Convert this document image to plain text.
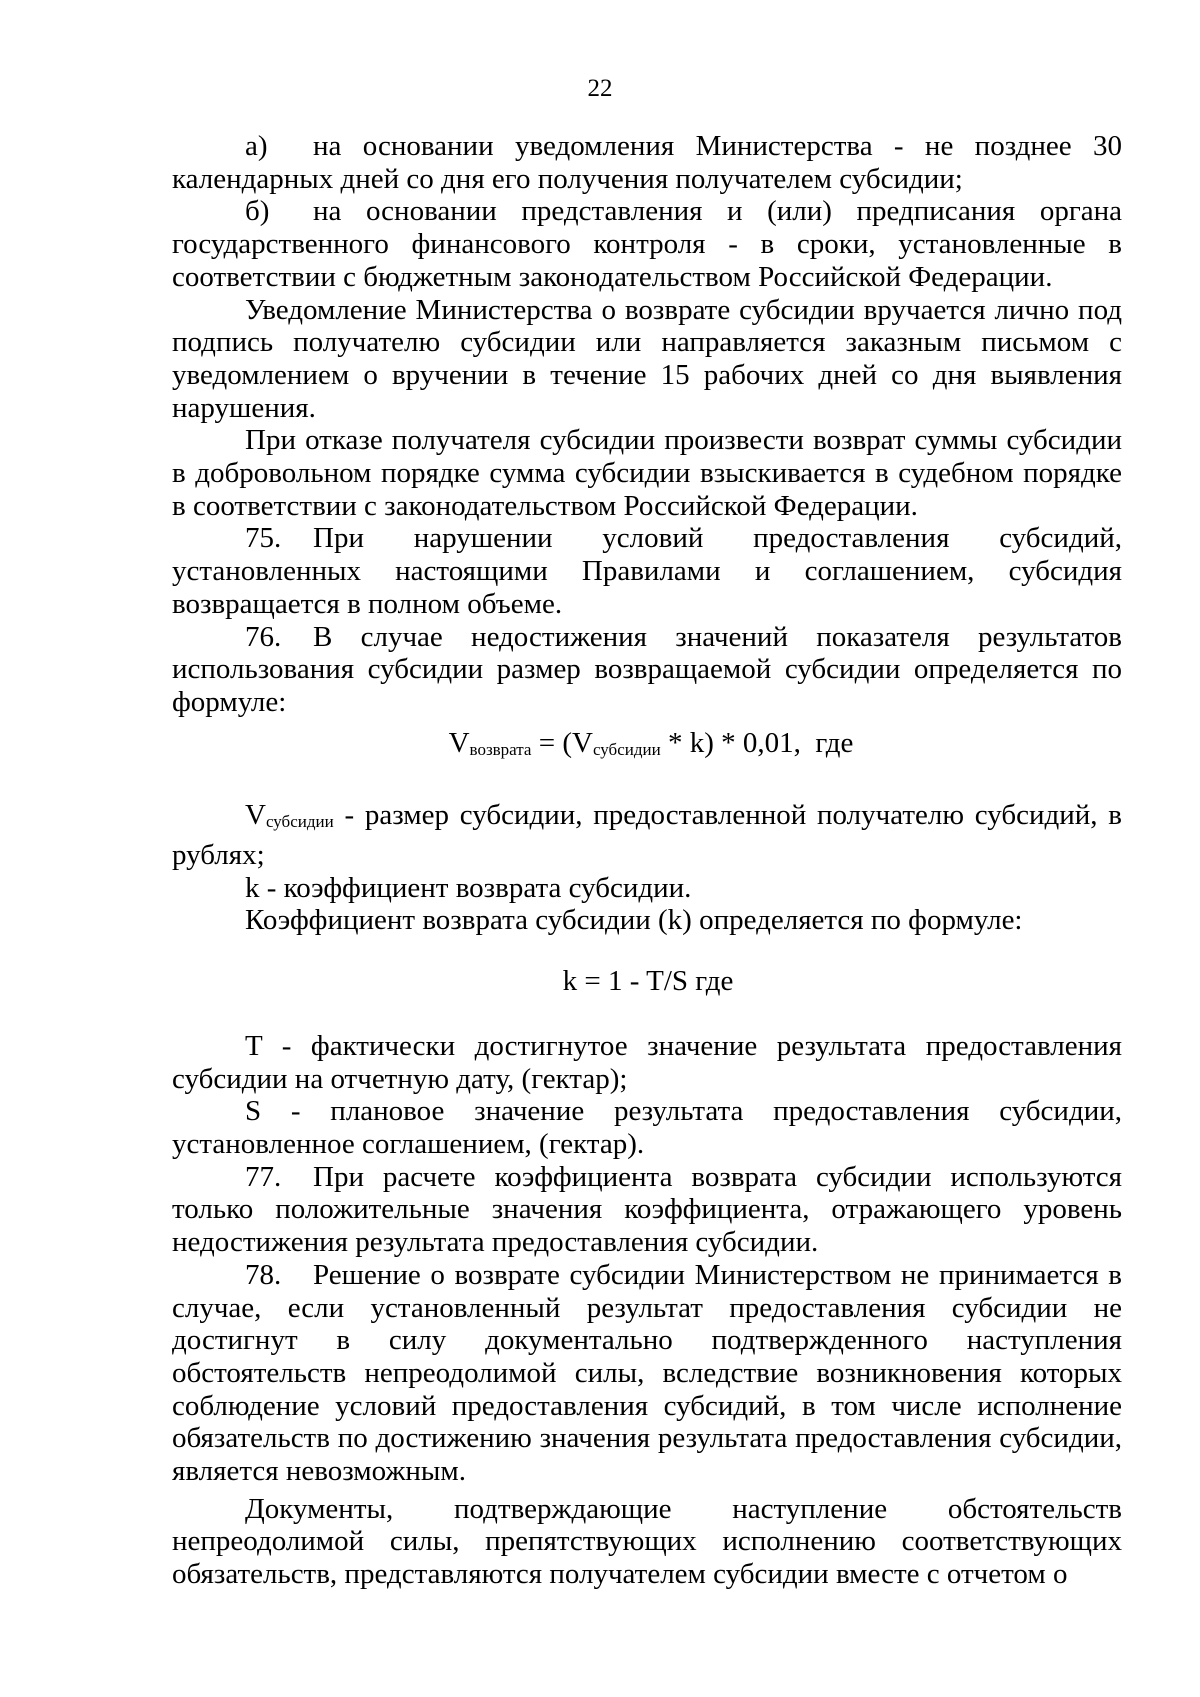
22

а) на основании уведомления Министерства - не позднее 30 календарных дней со дня его получения получателем субсидии;

б) на основании представления и (или) предписания органа государственного финансового контроля - в сроки, установленные в соответствии с бюджетным законодательством Российской Федерации.

Уведомление Министерства о возврате субсидии вручается лично под подпись получателю субсидии или направляется заказным письмом с уведомлением о вручении в течение 15 рабочих дней со дня выявления нарушения.

При отказе получателя субсидии произвести возврат суммы субсидии в добровольном порядке сумма субсидии взыскивается в судебном порядке в соответствии с законодательством Российской Федерации.

75. При нарушении условий предоставления субсидий, установленных настоящими Правилами и соглашением, субсидия возвращается в полном объеме.

76. В случае недостижения значений показателя результатов использования субсидии размер возвращаемой субсидии определяется по формуле:

Vвозврата = (Vсубсидии * k) * 0,01,  где

Vсубсидии - размер субсидии, предоставленной получателю субсидий, в рублях;

k - коэффициент возврата субсидии.

Коэффициент возврата субсидии (k) определяется по формуле:

k = 1 - T/S где

T - фактически достигнутое значение результата предоставления субсидии на отчетную дату, (гектар);

S - плановое значение результата предоставления субсидии, установленное соглашением, (гектар).

77. При расчете коэффициента возврата субсидии используются только положительные значения коэффициента, отражающего уровень недостижения результата предоставления субсидии.

78. Решение о возврате субсидии Министерством не принимается в случае, если установленный результат предоставления субсидии не достигнут в силу документально подтвержденного наступления обстоятельств непреодолимой силы, вследствие возникновения которых соблюдение условий предоставления субсидий, в том числе исполнение обязательств по достижению значения результата предоставления субсидии, является невозможным.

Документы, подтверждающие наступление обстоятельств непреодолимой силы, препятствующих исполнению соответствующих обязательств, представляются получателем субсидии вместе с отчетом о
